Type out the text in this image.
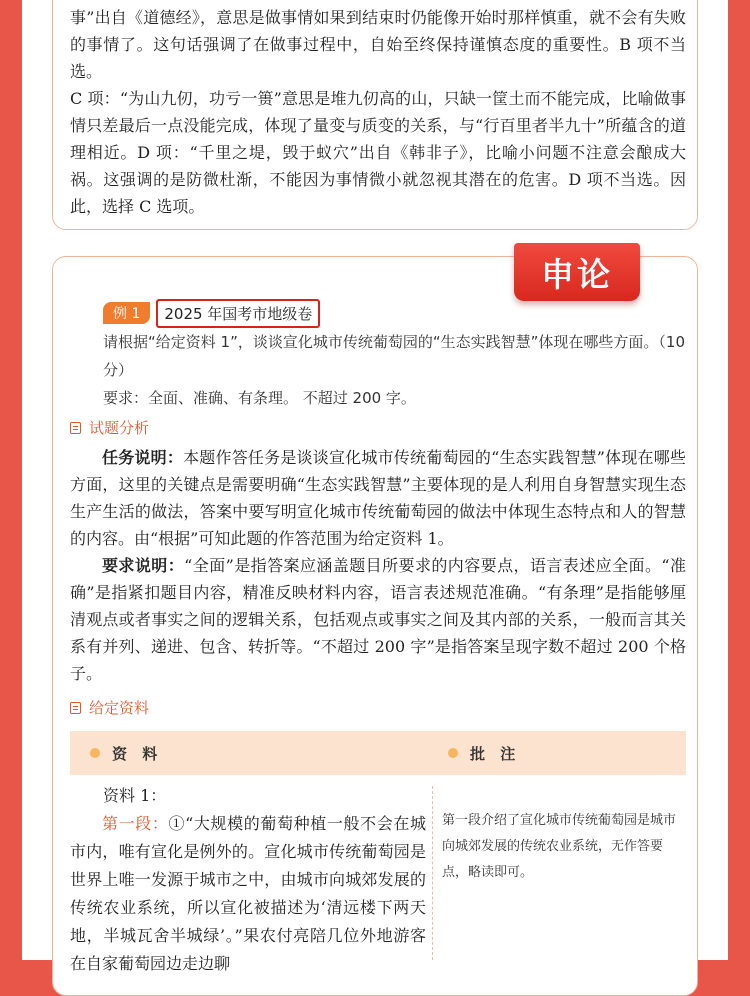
事”出自《道德经》，意思是做事情如果到结束时仍能像开始时那样慎重，就不会有失败的事情了。这句话强调了在做事过程中，自始至终保持谨慎态度的重要性。B 项不当选。

C 项：“为山九仞，功亏一篑”意思是堆九仞高的山，只缺一筐土而不能完成，比喻做事情只差最后一点没能完成，体现了量变与质变的关系，与“行百里者半九十”所蕴含的道理相近。D 项：“千里之堤，毁于蚁穴”出自《韩非子》，比喻小问题不注意会酿成大祸。这强调的是防微杜渐，不能因为事情微小就忽视其潜在的危害。D 项不当选。因此，选择 C 选项。

申论
例 1	2025 年国考市地级卷
请根据“给定资料 1”，谈谈宣化城市传统葡萄园的“生态实践智慧”体现在哪些方面。（10 分）
要求：全面、准确、有条理。 不超过 200 字。
试题分析

任务说明：本题作答任务是谈谈宣化城市传统葡萄园的“生态实践智慧”体现在哪些方面，这里的关键点是需要明确“生态实践智慧”主要体现的是人利用自身智慧实现生态生产生活的做法，答案中要写明宣化城市传统葡萄园的做法中体现生态特点和人的智慧的内容。由“根据”可知此题的作答范围为给定资料 1。

要求说明：“全面”是指答案应涵盖题目所要求的内容要点，语言表述应全面。“准确”是指紧扣题目内容，精准反映材料内容，语言表述规范准确。“有条理”是指能够厘清观点或者事实之间的逻辑关系，包括观点或事实之间及其内部的关系，一般而言其关系有并列、递进、包含、转折等。“不超过 200 字”是指答案呈现字数不超过 200 个格子。

给定资料
资 料	批 注
资料 1：

第一段：①“大规模的葡萄种植一般不会在城市内，唯有宣化是例外的。宣化城市传统葡萄园是世界上唯一发源于城市之中，由城市向城郊发展的传统农业系统，所以宣化被描述为‘清远楼下两天地，半城瓦舍半城绿’。”果农付亮陪几位外地游客在自家葡萄园边走边聊

第一段介绍了宣化城市传统葡萄园是城市向城郊发展的传统农业系统，无作答要点，略读即可。
